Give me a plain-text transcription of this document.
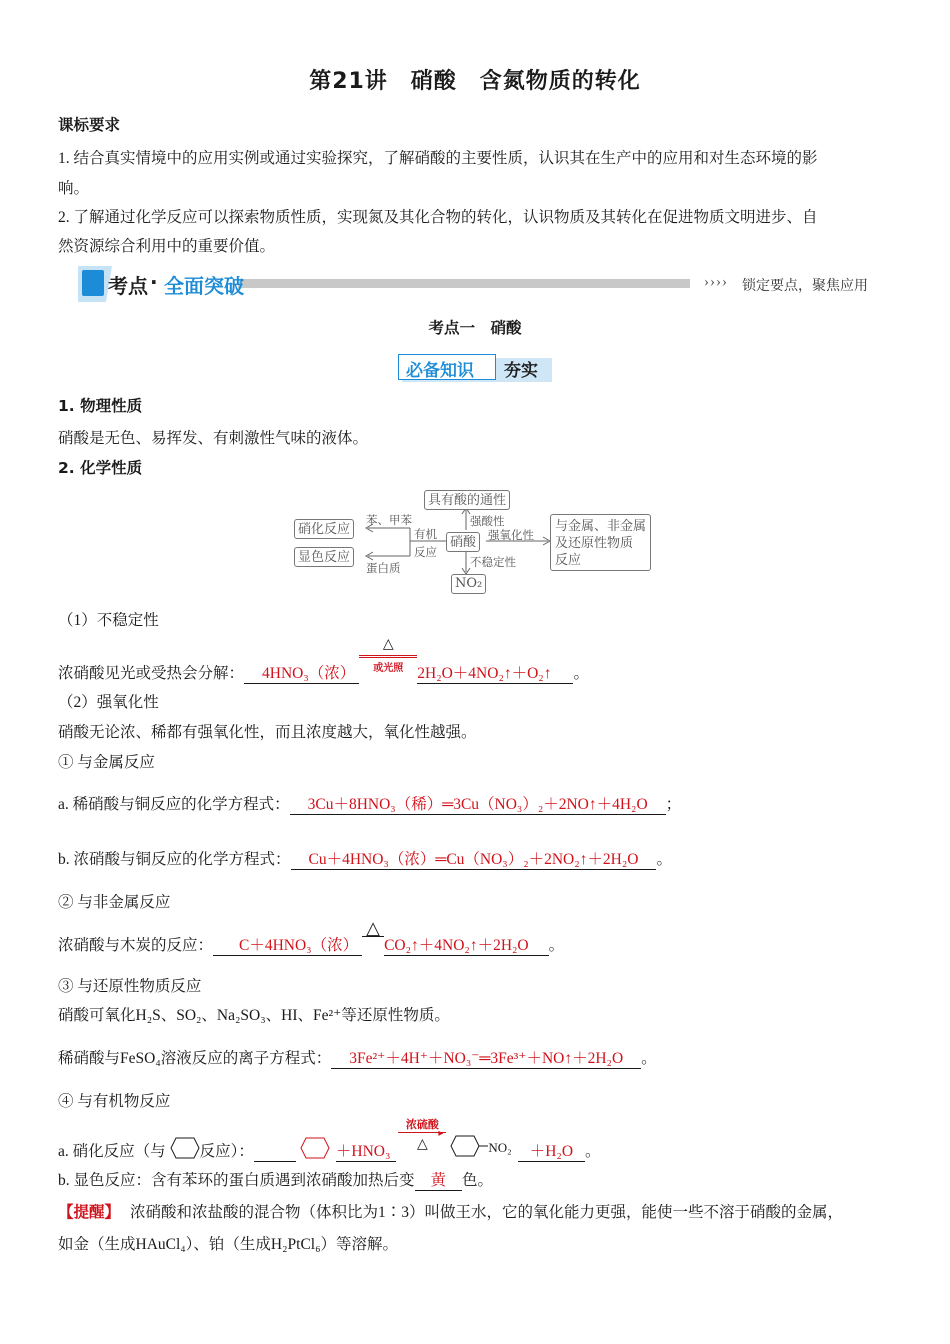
第21讲　硝酸　含氮物质的转化
课标要求
1. 结合真实情境中的应用实例或通过实验探究，了解硝酸的主要性质，认识其在生产中的应用和对生态环境的影
响。
2. 了解通过化学反应可以探索物质性质，实现氮及其化合物的转化，认识物质及其转化在促进物质文明进步、自
然资源综合利用中的重要价值。
考点 · 全面突破	›››› 锁定要点，聚焦应用
考点一　硝酸
必备知识 夯实
1. 物理性质
硝酸是无色、易挥发、有刺激性气味的液体。
2. 化学性质
具有酸的通性
硝酸
硝化反应
显色反应
NO₂
与金属、非金属
及还原性物质
反应
苯、甲苯
有机
反应
蛋白质
强酸性
强氧化性
不稳定性
（1）不稳定性
浓硝酸见光或受热会分解： 4HNO₃（浓）
△
或光照 2H₂O＋4NO₂↑＋O₂↑ 。
（2）强氧化性
硝酸无论浓、稀都有强氧化性，而且浓度越大，氧化性越强。
① 与金属反应
a. 稀硝酸与铜反应的化学方程式： 3Cu＋8HNO₃（稀）═3Cu（NO₃）₂＋2NO↑＋4H₂O ；
b. 浓硝酸与铜反应的化学方程式： Cu＋4HNO₃（浓）═Cu（NO₃）₂＋2NO₂↑＋2H₂O 。
② 与非金属反应
浓硝酸与木炭的反应： C＋4HNO₃（浓）
△
CO₂↑＋4NO₂↑＋2H₂O 。
③ 与还原性物质反应
硝酸可氧化H₂S、SO₂、Na₂SO₃、HI、Fe²⁺等还原性物质。
稀硝酸与FeSO₄溶液反应的离子方程式： 3Fe²⁺＋4H⁺＋NO₃⁻═3Fe³⁺＋NO↑＋2H₂O 。
④ 与有机物反应
a. 硝化反应（与 反应）：	＋HNO₃
浓硫酸
▸
△	$^{NO_2}$ ＋H₂O 。
b. 显色反应：含有苯环的蛋白质遇到浓硝酸加热后变 黄 色。
【提醒】 浓硝酸和浓盐酸的混合物（体积比为1∶3）叫做王水，它的氧化能力更强，能使一些不溶于硝酸的金属，
如金（生成HAuCl₄）、铂（生成H₂PtCl₆）等溶解。
